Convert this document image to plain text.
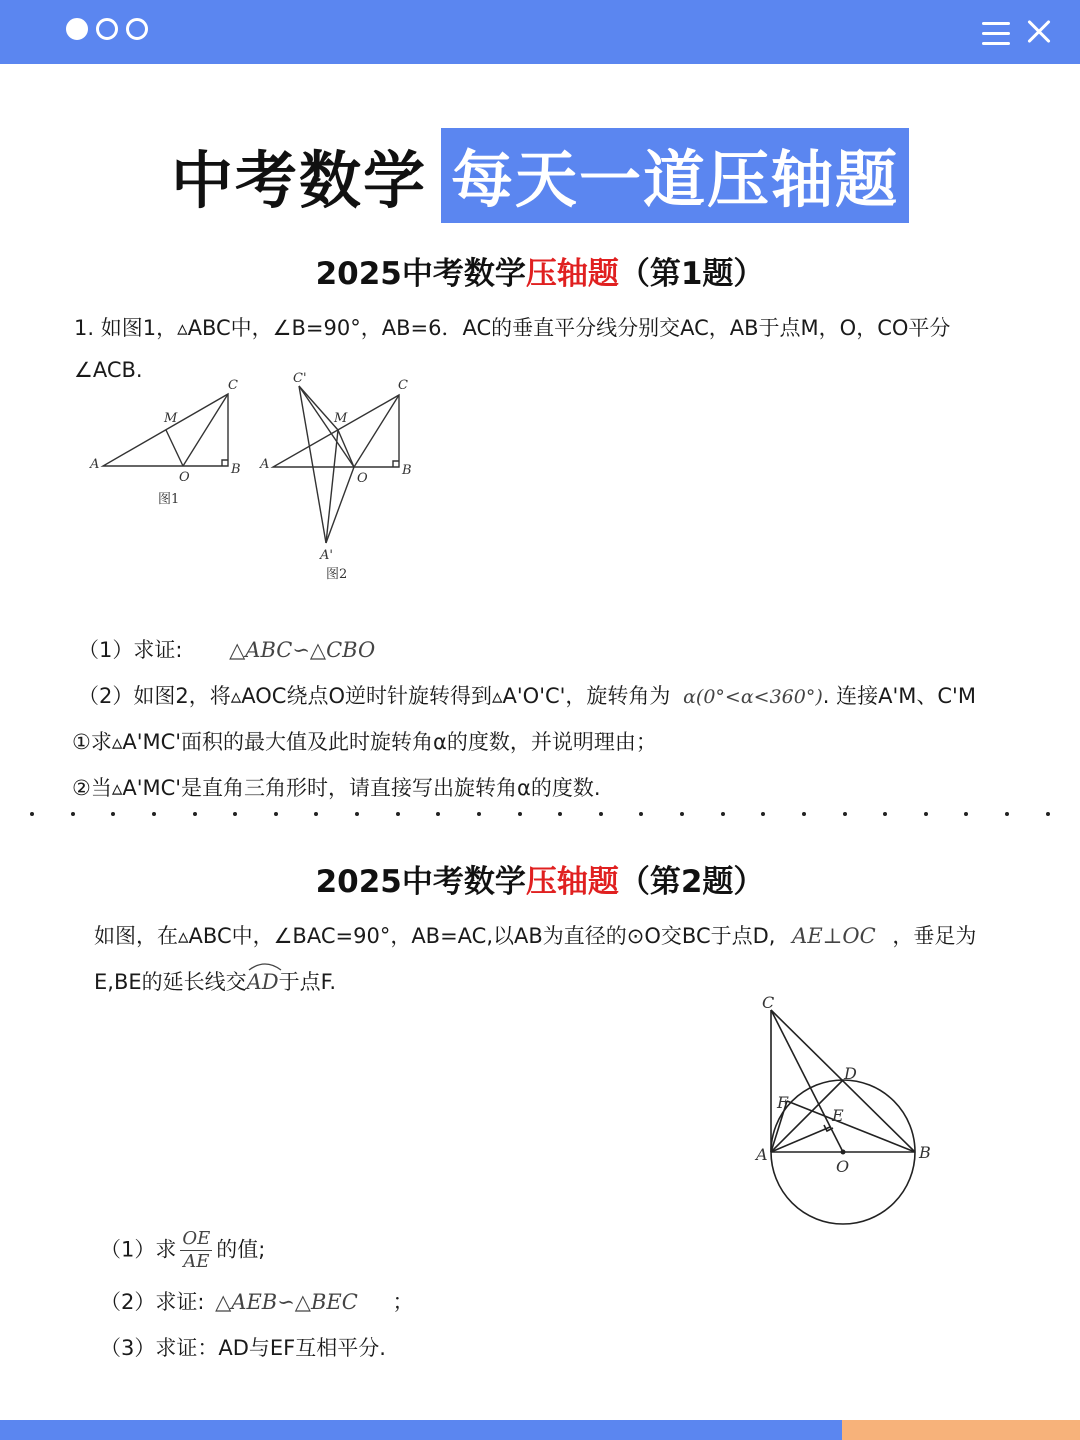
中考数学 每天一道压轴题
2025中考数学压轴题（第1题）
1. 如图1，▵ABC中，∠B=90°，AB=6．AC的垂直平分线分别交AC，AB于点M，O，CO平分
∠ACB.
A	B
C
M
O
图1
A	B
C
M
O
C'
A'
图2
（1）求证: △ABC∽△CBO
（2）如图2，将▵AOC绕点O逆时针旋转得到▵A'O'C'，旋转角为 α(0°<α<360°). 连接A'M、C'M
①求▵A'MC'面积的最大值及此时旋转角α的度数，并说明理由；
②当▵A'MC'是直角三角形时，请直接写出旋转角α的度数.
2025中考数学压轴题（第2题）
如图，在▵ABC中，∠BAC=90°，AB=AC,以AB为直径的⊙O交BC于点D, AE⊥OC ，垂足为
E,BE的延长线交
AD于点F.
C
D
F
E
A
O
B
（1）求 $\frac{OE}{AE}$ 的值;
（2）求证: △AEB∽△BEC ；
（3）求证：AD与EF互相平分.
